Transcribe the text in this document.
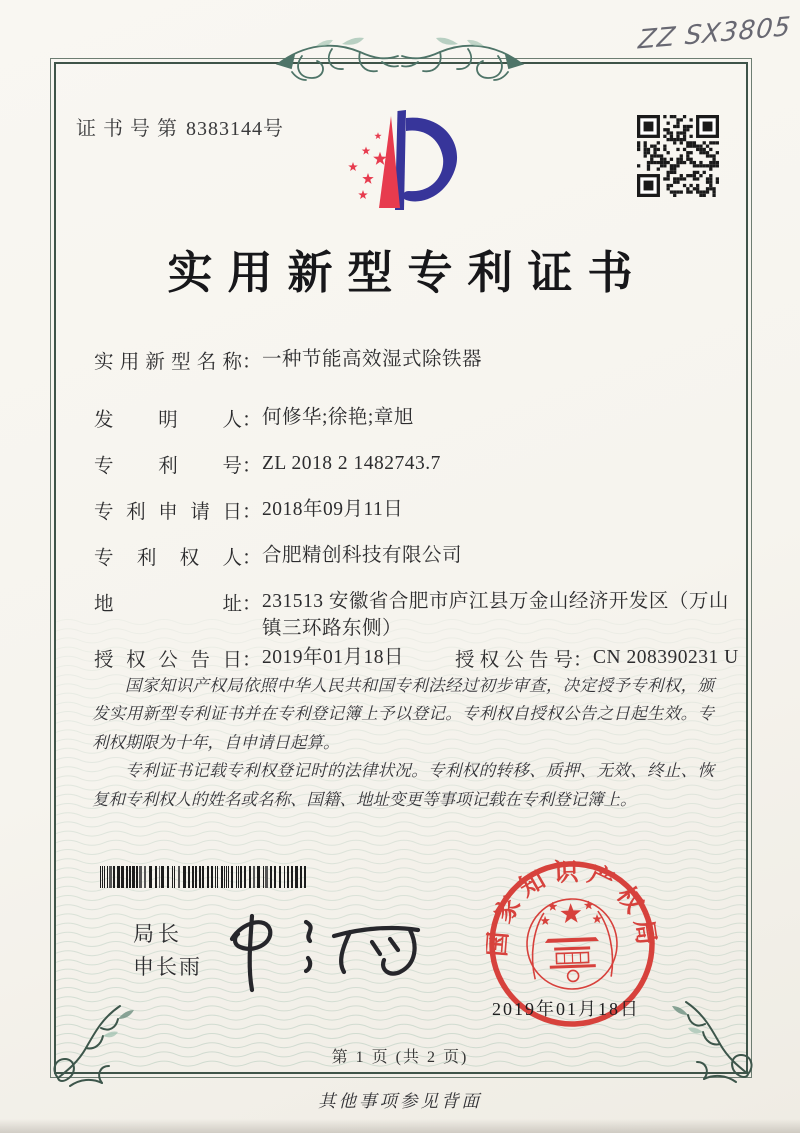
ZZ SX3805
证书号第 8383144号
实用新型专利证书
实用新型名称 ： 一种节能高效湿式除铁器
发明人 ： 何修华;徐艳;章旭
专利号 ： ZL 2018 2 1482743.7
专利申请日 ： 2018年09月11日
专利权人 ： 合肥精创科技有限公司
地址 ： 231513 安徽省合肥市庐江县万金山经济开发区（万山镇三环路东侧）
授权公告日 ： 2019年01月18日	授权公告号 ： CN 208390231 U

国家知识产权局依照中华人民共和国专利法经过初步审查，决定授予专利权，颁发实用新型专利证书并在专利登记簿上予以登记。专利权自授权公告之日起生效。专利权期限为十年，自申请日起算。

专利证书记载专利权登记时的法律状况。专利权的转移、质押、无效、终止、恢复和专利权人的姓名或名称、国籍、地址变更等事项记载在专利登记簿上。

局长
申长雨
国家知识产权局
2019年01月18日
第 1 页 (共 2 页)
其他事项参见背面
